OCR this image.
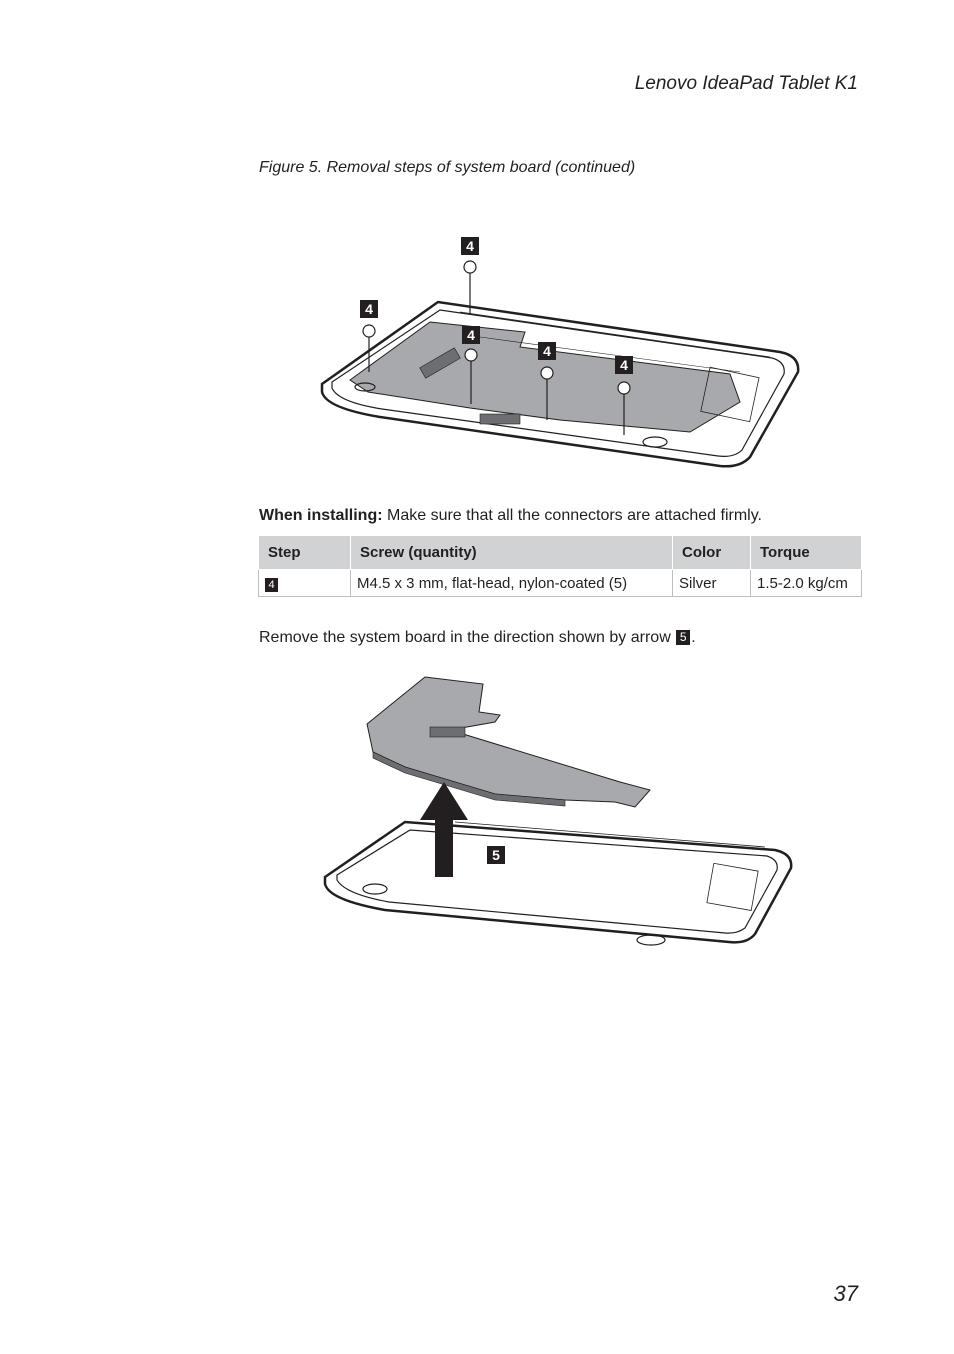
Lenovo IdeaPad Tablet K1
Figure 5. Removal steps of system board (continued)
4
4
4
4
4
When installing: Make sure that all the connectors are attached firmly.
Step	Screw (quantity)	Color	Torque
4	M4.5 x 3 mm, flat-head, nylon-coated (5)	Silver	1.5-2.0 kg/cm
Remove the system board in the direction shown by arrow 5 .
5
37
